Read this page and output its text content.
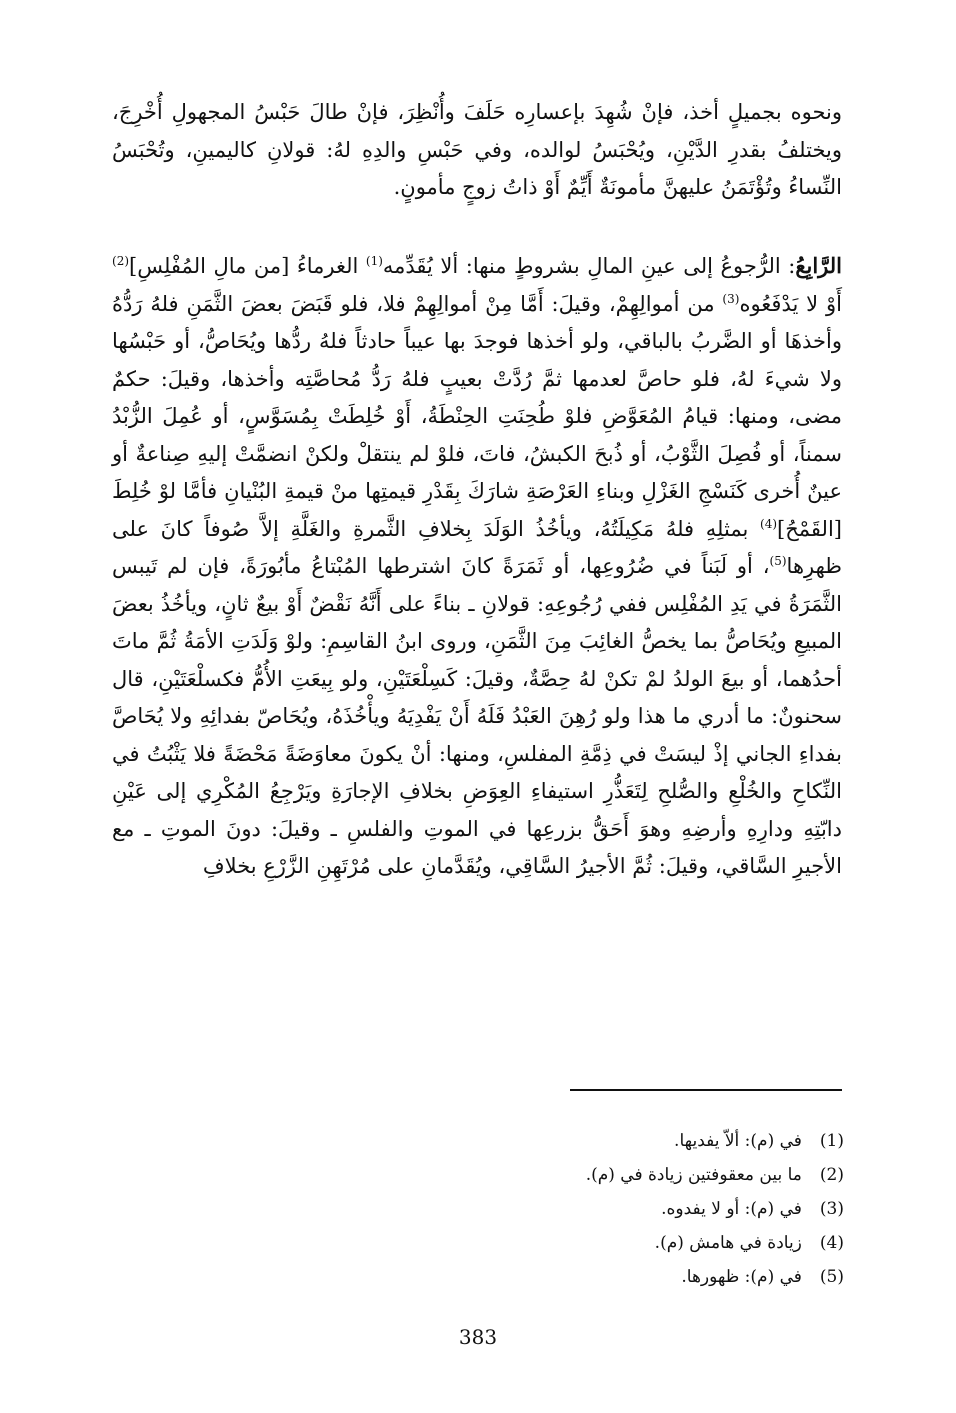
ونحوه بجميلٍ أخذ، فإنْ شُهِدَ بإعسارِه حَلَفَ وأُنْظِرَ، فإنْ طالَ حَبْسُ المجهولِ أُخْرِجَ، ويختلفُ بقدرِ الدَّيْنِ، ويُحْبَسُ لوالده، وفي حَبْسِ والدِهِ لهُ: قولانِ كاليمينِ، وتُحْبَسُ النِّساءُ وتُؤْتَمَنُ عليهنَّ مأمونَةٌ أَيِّمٌ أَوْ ذاتُ زوجٍ مأمونٍ.

الرَّابِعُ: الرُّجوعُ إلى عينِ المالِ بشروطٍ منها: ألا يُقَدِّمه$^{(1)}$ الغرماءُ [من مالِ المُفْلِسِ]$^{(2)}$ أَوْ لا يَدْفَعُوه$^{(3)}$ من أموالِهِمْ، وقيلَ: أَمَّا مِنْ أموالِهِمْ فلا، فلو قَبَضَ بعضَ الثَّمَنِ فلهُ رَدُّهُ وأخذهَا أو الضَّربُ بالباقي، ولو أخذها فوجدَ بها عيباً حادثاً فلهُ ردُّها ويُحَاصُّ، أو حَبْسُها ولا شيءَ لهُ، فلو حاصَّ لعدمها ثمَّ رُدَّتْ بعيبٍ فلهُ رَدُّ مُحاصَّتِه وأخذها، وقيلَ: حكمٌ مضى، ومنها: قيامُ المُعَوَّضِ فلوْ طُحِنَتِ الحِنْطَةُ، أَوْ خُلِطَتْ بِمُسَوَّسٍ، أو عُمِلَ الزُّبْدُ سمناً، أو فُصِلَ الثَّوْبُ، أو ذُبحَ الكبشُ، فاتَ، فلوْ لم ينتقلْ ولكنْ انضمَّتْ إليهِ صِناعةٌ أو عينٌ أُخرى كَنَسْجِ الغَزْلِ وبناءِ العَرْصَةِ شارَكَ بِقَدْرِ قيمتِها منْ قيمةِ البُنْيانِ فأمَّا لوْ خُلِطَ [القَمْحُ]$^{(4)}$ بمثلِهِ فلهُ مَكِيلَتُهُ، ويأخُذُ الوَلَدَ بِخلافِ الثَّمرةِ والغَلَّةِ إلاَّ صُوفاً كانَ على ظهرِها$^{(5)}$، أو لَبَناً في ضُرُوعِها، أو ثَمَرَةً كانَ اشترطها المُبْتاعُ مأبُورَةً، فإن لم تَيبس الثَّمَرَةُ في يَدِ المُفْلِس ففي رُجُوعِهِ: قولانِ ـ بناءً على أَنَّهُ نَقْضٌ أَوْ بيعٌ ثانٍ، ويأخُذُ بعضَ المبيعِ ويُحَاصُّ بما يخصُّ الغائِبَ مِنَ الثَّمَنِ، وروى ابنُ القاسِمِ: ولوْ وَلَدَتِ الأمَةُ ثُمَّ ماتَ أحدُهما، أو بيعَ الولدُ لمْ تكنْ لهُ حِصَّةٌ، وقيلَ: كَسِلْعَتَيْنِ، ولو بِيعَتِ الأُمُّ فكسلْعَتَيْنِ، قال سحنونٌ: ما أدري ما هذا ولو رُهِنَ العَبْدُ فَلَهُ أَنْ يَفْدِيَهُ ويأْخُذَهُ، ويُحَاصّ بفدائِهِ ولا يُحَاصَّ بفداءِ الجاني إذْ ليسَتْ في ذِمَّةِ المفلسِ، ومنها: أنْ يكونَ معاوَضَةً مَحْضَةً فلا يَثْبُتُ في النِّكاحِ والخُلْعِ والصُّلحِ لِتَعَذُّرِ استيفاءِ العِوَضِ بخلافِ الإجارَةِ ويَرْجِعُ المُكْرِي إلى عَيْنِ دابّتِهِ ودارِهِ وأرضِهِ وهوَ أَحَقُّ بزرعِها في الموتِ والفلسِ ـ وقيلَ: دونَ الموتِ ـ مع الأجيرِ السَّاقي، وقيلَ: ثُمَّ الأجيرُ السَّاقِي، ويُقَدَّمانِ على مُرْتَهِنِ الزَّرْعِ بخلافِ

(1)
في (م): ألاّ يفديها.
(2)
ما بين معقوفتين زيادة في (م).
(3)
في (م): أو لا يفدوه.
(4)
زيادة في هامش (م).
(5)
في (م): ظهورها.
383
